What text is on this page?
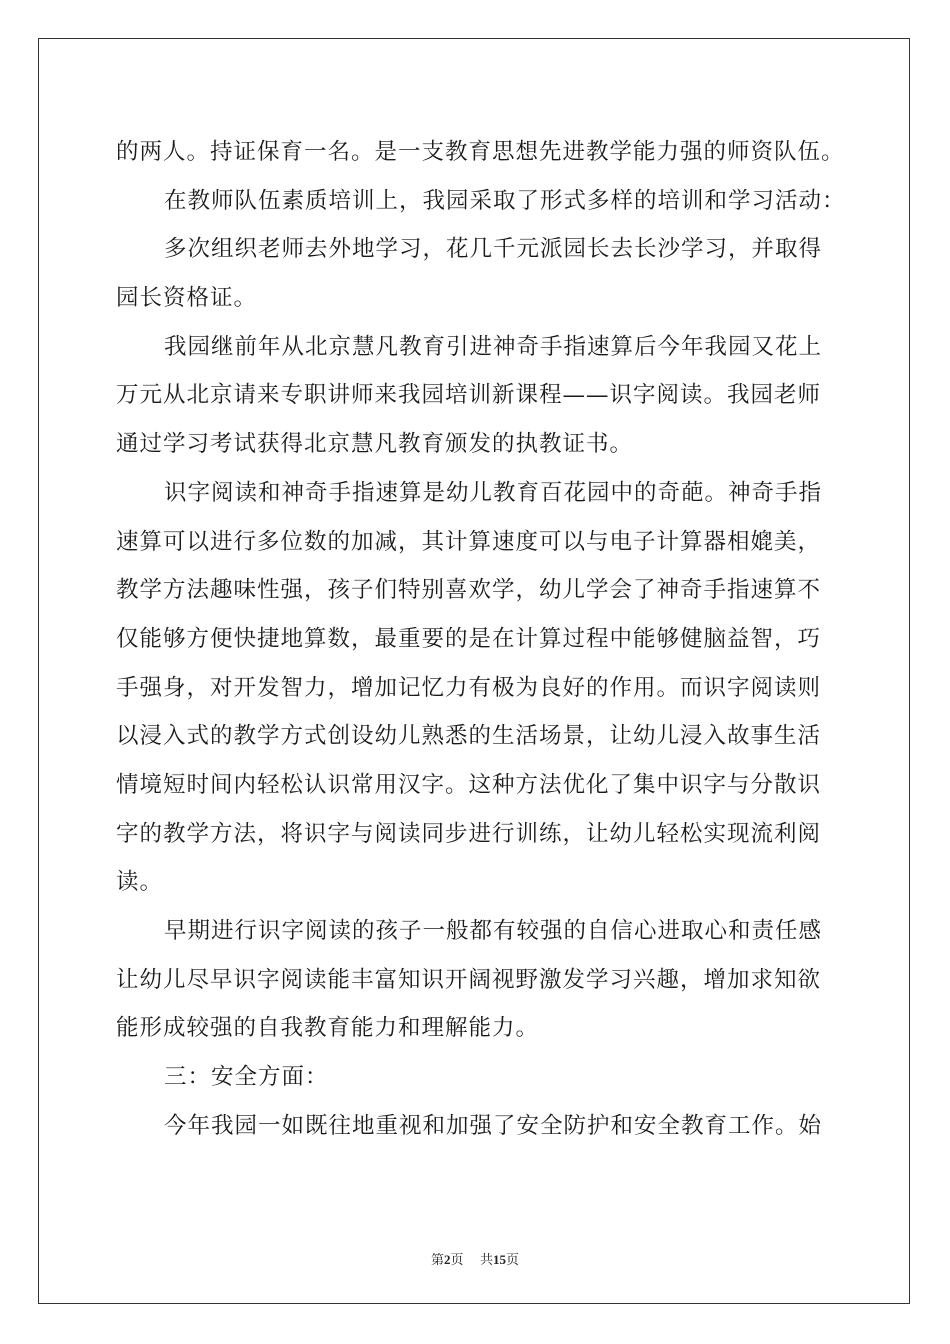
的两人。持证保育一名。是一支教育思想先进教学能力强的师资队伍。
在教师队伍素质培训上，我园采取了形式多样的培训和学习活动：
多次组织老师去外地学习，花几千元派园长去长沙学习，并取得
园长资格证。
我园继前年从北京慧凡教育引进神奇手指速算后今年我园又花上
万元从北京请来专职讲师来我园培训新课程——识字阅读。我园老师
通过学习考试获得北京慧凡教育颁发的执教证书。
识字阅读和神奇手指速算是幼儿教育百花园中的奇葩。神奇手指
速算可以进行多位数的加减，其计算速度可以与电子计算器相媲美，
教学方法趣味性强，孩子们特别喜欢学，幼儿学会了神奇手指速算不
仅能够方便快捷地算数，最重要的是在计算过程中能够健脑益智，巧
手强身，对开发智力，增加记忆力有极为良好的作用。而识字阅读则
以浸入式的教学方式创设幼儿熟悉的生活场景，让幼儿浸入故事生活
情境短时间内轻松认识常用汉字。这种方法优化了集中识字与分散识
字的教学方法，将识字与阅读同步进行训练，让幼儿轻松实现流利阅
读。
早期进行识字阅读的孩子一般都有较强的自信心进取心和责任感
让幼儿尽早识字阅读能丰富知识开阔视野激发学习兴趣，增加求知欲
能形成较强的自我教育能力和理解能力。
三：安全方面：
今年我园一如既往地重视和加强了安全防护和安全教育工作。始
第2页 共15页
